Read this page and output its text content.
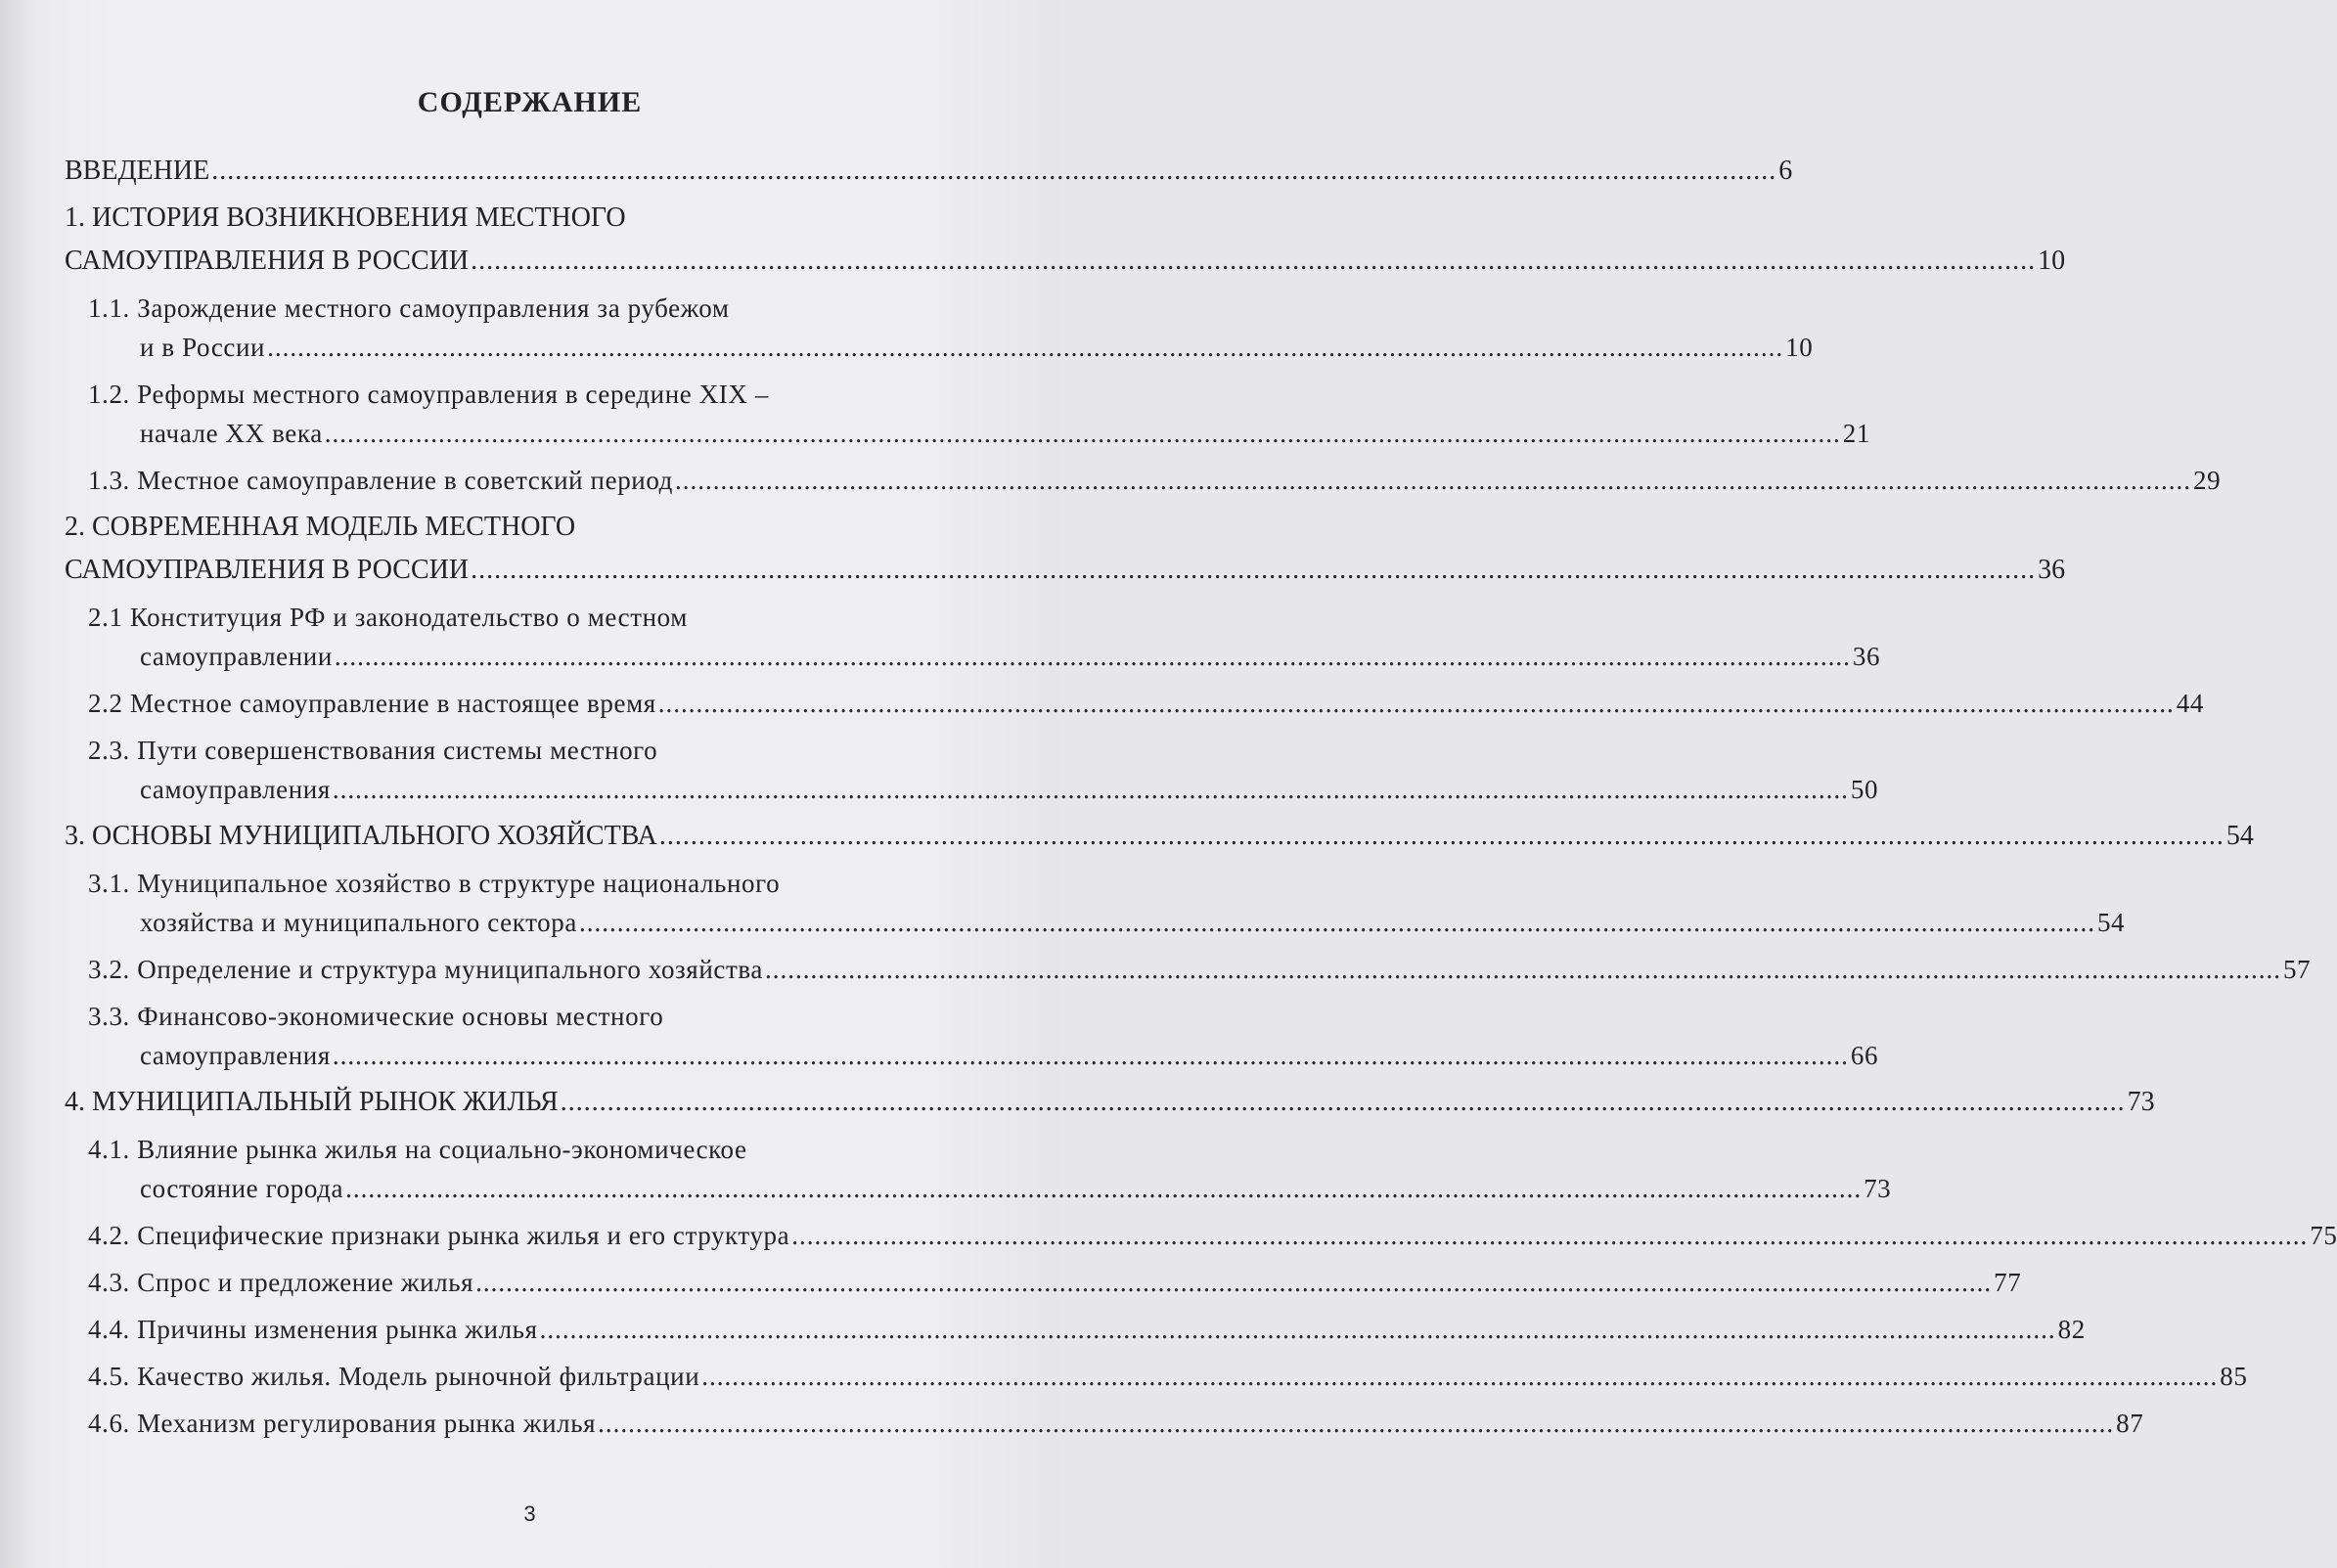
СОДЕРЖАНИЕ
ВВЕДЕНИЕ ........................................................................................................................................................................................................ 6
1. ИСТОРИЯ ВОЗНИКНОВЕНИЯ МЕСТНОГО
САМОУПРАВЛЕНИЯ В РОССИИ ........................................................................................................................................................................................................ 10
1.1. Зарождение местного самоуправления за рубежом
и в России ........................................................................................................................................................................................................ 10
1.2. Реформы местного самоуправления в середине XIX –
начале XX века ........................................................................................................................................................................................................ 21
1.3. Местное самоуправление в советский период ........................................................................................................................................................................................................ 29
2. СОВРЕМЕННАЯ МОДЕЛЬ МЕСТНОГО
САМОУПРАВЛЕНИЯ В РОССИИ ........................................................................................................................................................................................................ 36
2.1 Конституция РФ и законодательство о местном
самоуправлении ........................................................................................................................................................................................................ 36
2.2 Местное самоуправление в настоящее время ........................................................................................................................................................................................................ 44
2.3. Пути совершенствования системы местного
самоуправления ........................................................................................................................................................................................................ 50
3. ОСНОВЫ МУНИЦИПАЛЬНОГО ХОЗЯЙСТВА ........................................................................................................................................................................................................ 54
3.1. Муниципальное хозяйство в структуре национального
хозяйства и муниципального сектора ........................................................................................................................................................................................................ 54
3.2. Определение и структура муниципального хозяйства ........................................................................................................................................................................................................ 57
3.3. Финансово-экономические основы местного
самоуправления ........................................................................................................................................................................................................ 66
4. МУНИЦИПАЛЬНЫЙ РЫНОК ЖИЛЬЯ ........................................................................................................................................................................................................ 73
4.1. Влияние рынка жилья на социально-экономическое
состояние города ........................................................................................................................................................................................................ 73
4.2. Специфические признаки рынка жилья и его структура ........................................................................................................................................................................................................ 75
4.3. Спрос и предложение жилья ........................................................................................................................................................................................................ 77
4.4. Причины изменения рынка жилья ........................................................................................................................................................................................................ 82
4.5. Качество жилья. Модель рыночной фильтрации ........................................................................................................................................................................................................ 85
4.6. Механизм регулирования рынка жилья ........................................................................................................................................................................................................ 87
3
